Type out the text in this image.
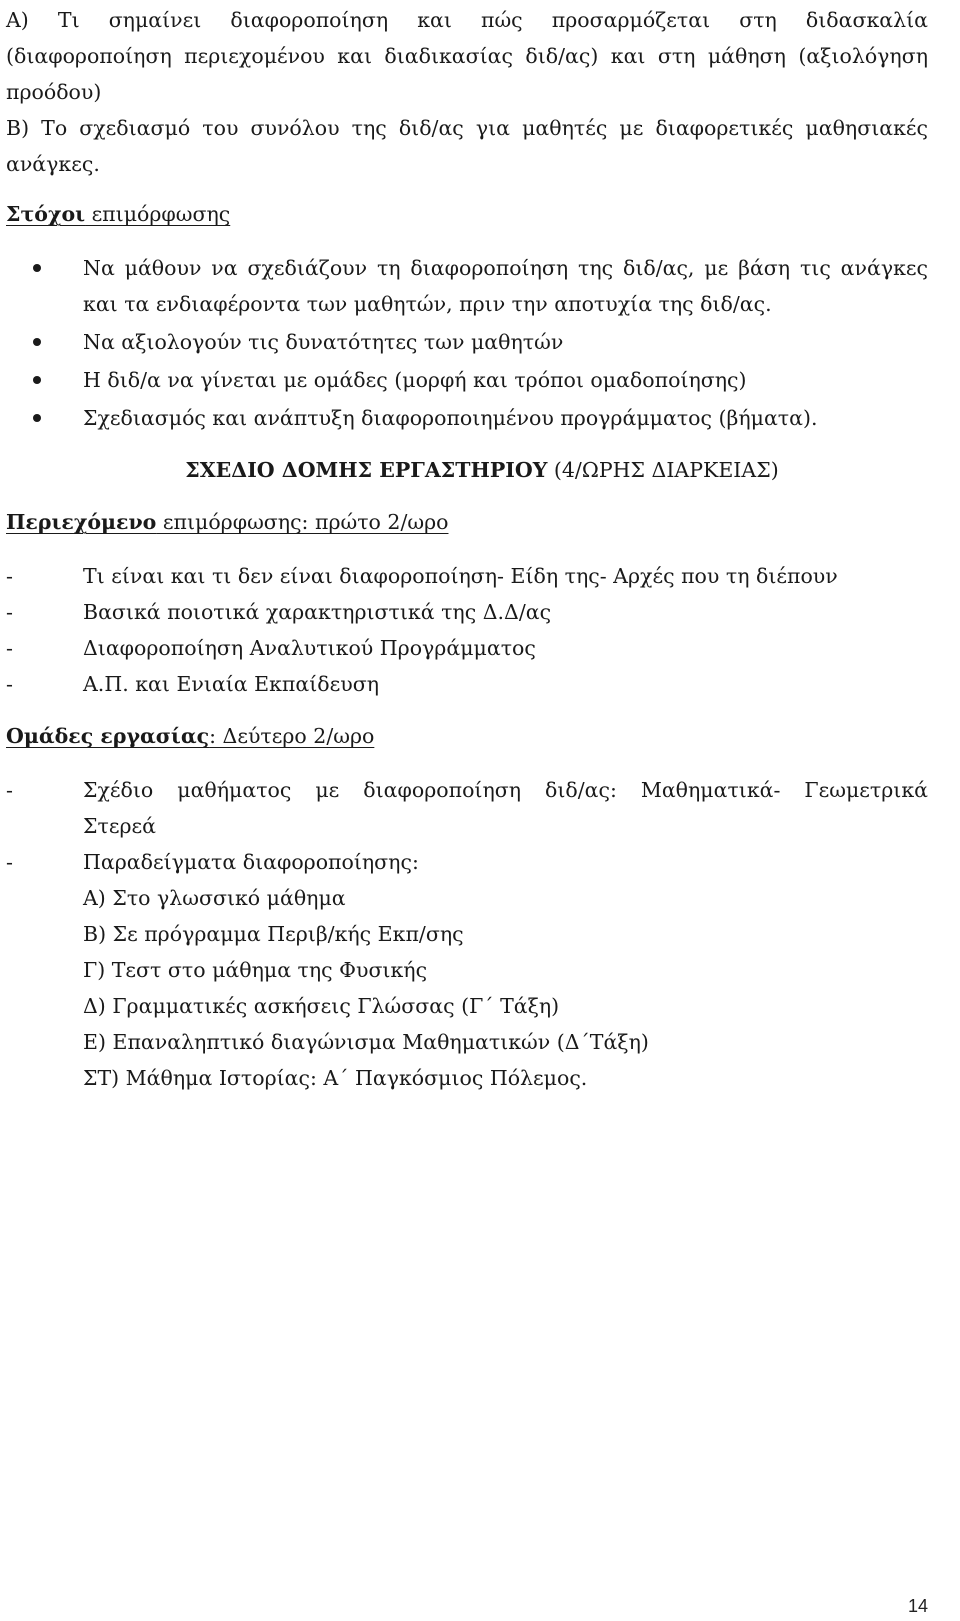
Α) Τι σημαίνει διαφοροποίηση και πώς προσαρμόζεται στη διδασκαλία
(διαφοροποίηση περιεχομένου και διαδικασίας διδ/ας) και στη μάθηση (αξιολόγηση
προόδου)
Β) Το σχεδιασμό του συνόλου της διδ/ας για μαθητές με διαφορετικές μαθησιακές
ανάγκες.
Στόχοι επιμόρφωσης
Να μάθουν να σχεδιάζουν τη διαφοροποίηση της διδ/ας, με βάση τις ανάγκες και τα ενδιαφέροντα των μαθητών, πριν την αποτυχία της διδ/ας.
Να αξιολογούν τις δυνατότητες των μαθητών
Η διδ/α να γίνεται με ομάδες (μορφή και τρόποι ομαδοποίησης)
Σχεδιασμός και ανάπτυξη διαφοροποιημένου προγράμματος (βήματα).
ΣΧΕΔΙΟ ΔΟΜΗΣ ΕΡΓΑΣΤΗΡΙΟΥ (4/ΩΡΗΣ ΔΙΑΡΚΕΙΑΣ)
Περιεχόμενο επιμόρφωσης: πρώτο 2/ωρο
- Τι είναι και τι δεν είναι διαφοροποίηση- Είδη της- Αρχές που τη διέπουν
- Βασικά ποιοτικά χαρακτηριστικά της Δ.Δ/ας
- Διαφοροποίηση Αναλυτικού Προγράμματος
- Α.Π. και Ενιαία Εκπαίδευση
Ομάδες εργασίας: Δεύτερο 2/ωρο
- Σχέδιο μαθήματος με διαφοροποίηση διδ/ας: Μαθηματικά- Γεωμετρικά
Στερεά
- Παραδείγματα διαφοροποίησης:
Α) Στο γλωσσικό μάθημα
Β) Σε πρόγραμμα Περιβ/κής Εκπ/σης
Γ) Τεστ στο μάθημα της Φυσικής
Δ) Γραμματικές ασκήσεις Γλώσσας (Γ΄ Τάξη)
Ε) Επαναληπτικό διαγώνισμα Μαθηματικών (Δ΄Τάξη)
ΣΤ) Μάθημα Ιστορίας: Α΄ Παγκόσμιος Πόλεμος.
14
